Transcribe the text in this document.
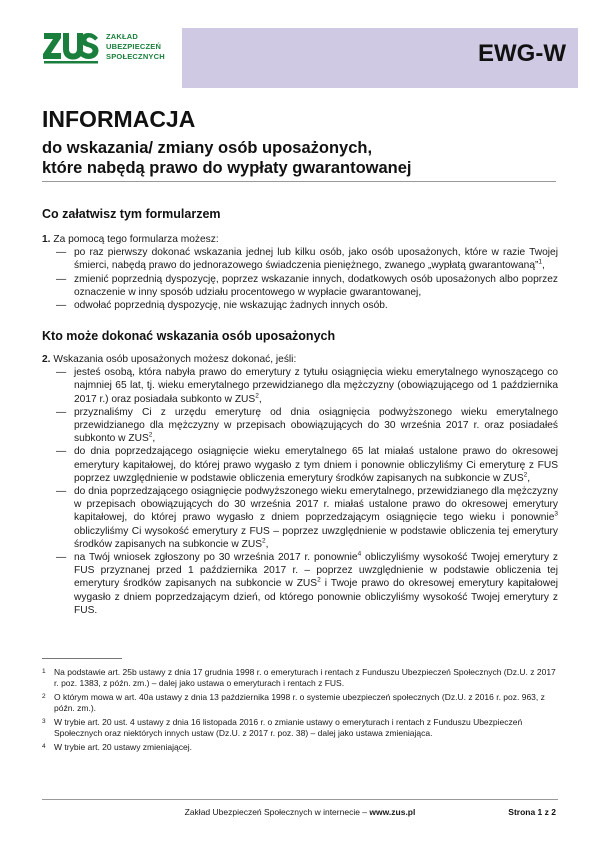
ZAKŁAD
UBEZPIECZEŃ
SPOŁECZNYCH	EWG-W
INFORMACJA
do wskazania/ zmiany osób uposażonych,
które nabędą prawo do wypłaty gwarantowanej
Co załatwisz tym formularzem
1. Za pomocą tego formularza możesz:
— po raz pierwszy dokonać wskazania jednej lub kilku osób, jako osób uposażonych, które w razie Twojej śmierci, nabędą prawo do jednorazowego świadczenia pieniężnego, zwanego „wypłatą gwarantowaną”$^1$,
— zmienić poprzednią dyspozycję, poprzez wskazanie innych, dodatkowych osób uposażonych albo poprzez oznaczenie w inny sposób udziału procentowego w wypłacie gwarantowanej,
— odwołać poprzednią dyspozycję, nie wskazując żadnych innych osób.
Kto może dokonać wskazania osób uposażonych
2. Wskazania osób uposażonych możesz dokonać, jeśli:
— jesteś osobą, która nabyła prawo do emerytury z tytułu osiągnięcia wieku emerytalnego wynoszącego co najmniej 65 lat, tj. wieku emerytalnego przewidzianego dla mężczyzny (obowiązującego od 1 października 2017 r.) oraz posiadała subkonto w ZUS$^2$,
— przyznaliśmy Ci z urzędu emeryturę od dnia osiągnięcia podwyższonego wieku emerytalnego przewidzianego dla mężczyzny w przepisach obowiązujących do 30 września 2017 r. oraz posiadałeś subkonto w ZUS$^2$,
— do dnia poprzedzającego osiągnięcie wieku emerytalnego 65 lat miałaś ustalone prawo do okresowej emerytury kapitałowej, do której prawo wygasło z tym dniem i ponownie obliczyliśmy Ci emeryturę z FUS poprzez uwzględnienie w podstawie obliczenia emerytury środków zapisanych na subkoncie w ZUS$^2$,
— do dnia poprzedzającego osiągnięcie podwyższonego wieku emerytalnego, przewidzianego dla mężczyzny w przepisach obowiązujących do 30 września 2017 r. miałaś ustalone prawo do okresowej emerytury kapitałowej, do której prawo wygasło z dniem poprzedzającym osiągnięcie tego wieku i ponownie$^3$ obliczyliśmy Ci wysokość emerytury z FUS – poprzez uwzględnienie w podstawie obliczenia tej emerytury środków zapisanych na subkoncie w ZUS$^2$,
— na Twój wniosek zgłoszony po 30 września 2017 r. ponownie$^4$ obliczyliśmy wysokość Twojej emerytury z FUS przyznanej przed 1 października 2017 r. – poprzez uwzględnienie w podstawie obliczenia tej emerytury środków zapisanych na subkoncie w ZUS$^2$ i Twoje prawo do okresowej emerytury kapitałowej wygasło z dniem poprzedzającym dzień, od którego ponownie obliczyliśmy wysokość Twojej emerytury z FUS.
1 Na podstawie art. 25b ustawy z dnia 17 grudnia 1998 r. o emeryturach i rentach z Funduszu Ubezpieczeń Społecznych (Dz.U. z 2017 r. poz. 1383, z późn. zm.) – dalej jako ustawa o emeryturach i rentach z FUS.
2 O którym mowa w art. 40a ustawy z dnia 13 października 1998 r. o systemie ubezpieczeń społecznych (Dz.U. z 2016 r. poz. 963, z późn. zm.).
3 W trybie art. 20 ust. 4 ustawy z dnia 16 listopada 2016 r. o zmianie ustawy o emeryturach i rentach z Funduszu Ubezpieczeń Społecznych oraz niektórych innych ustaw (Dz.U. z 2017 r. poz. 38) – dalej jako ustawa zmieniająca.
4 W trybie art. 20 ustawy zmieniającej.
Zakład Ubezpieczeń Społecznych w internecie – www.zus.pl	Strona 1 z 2
